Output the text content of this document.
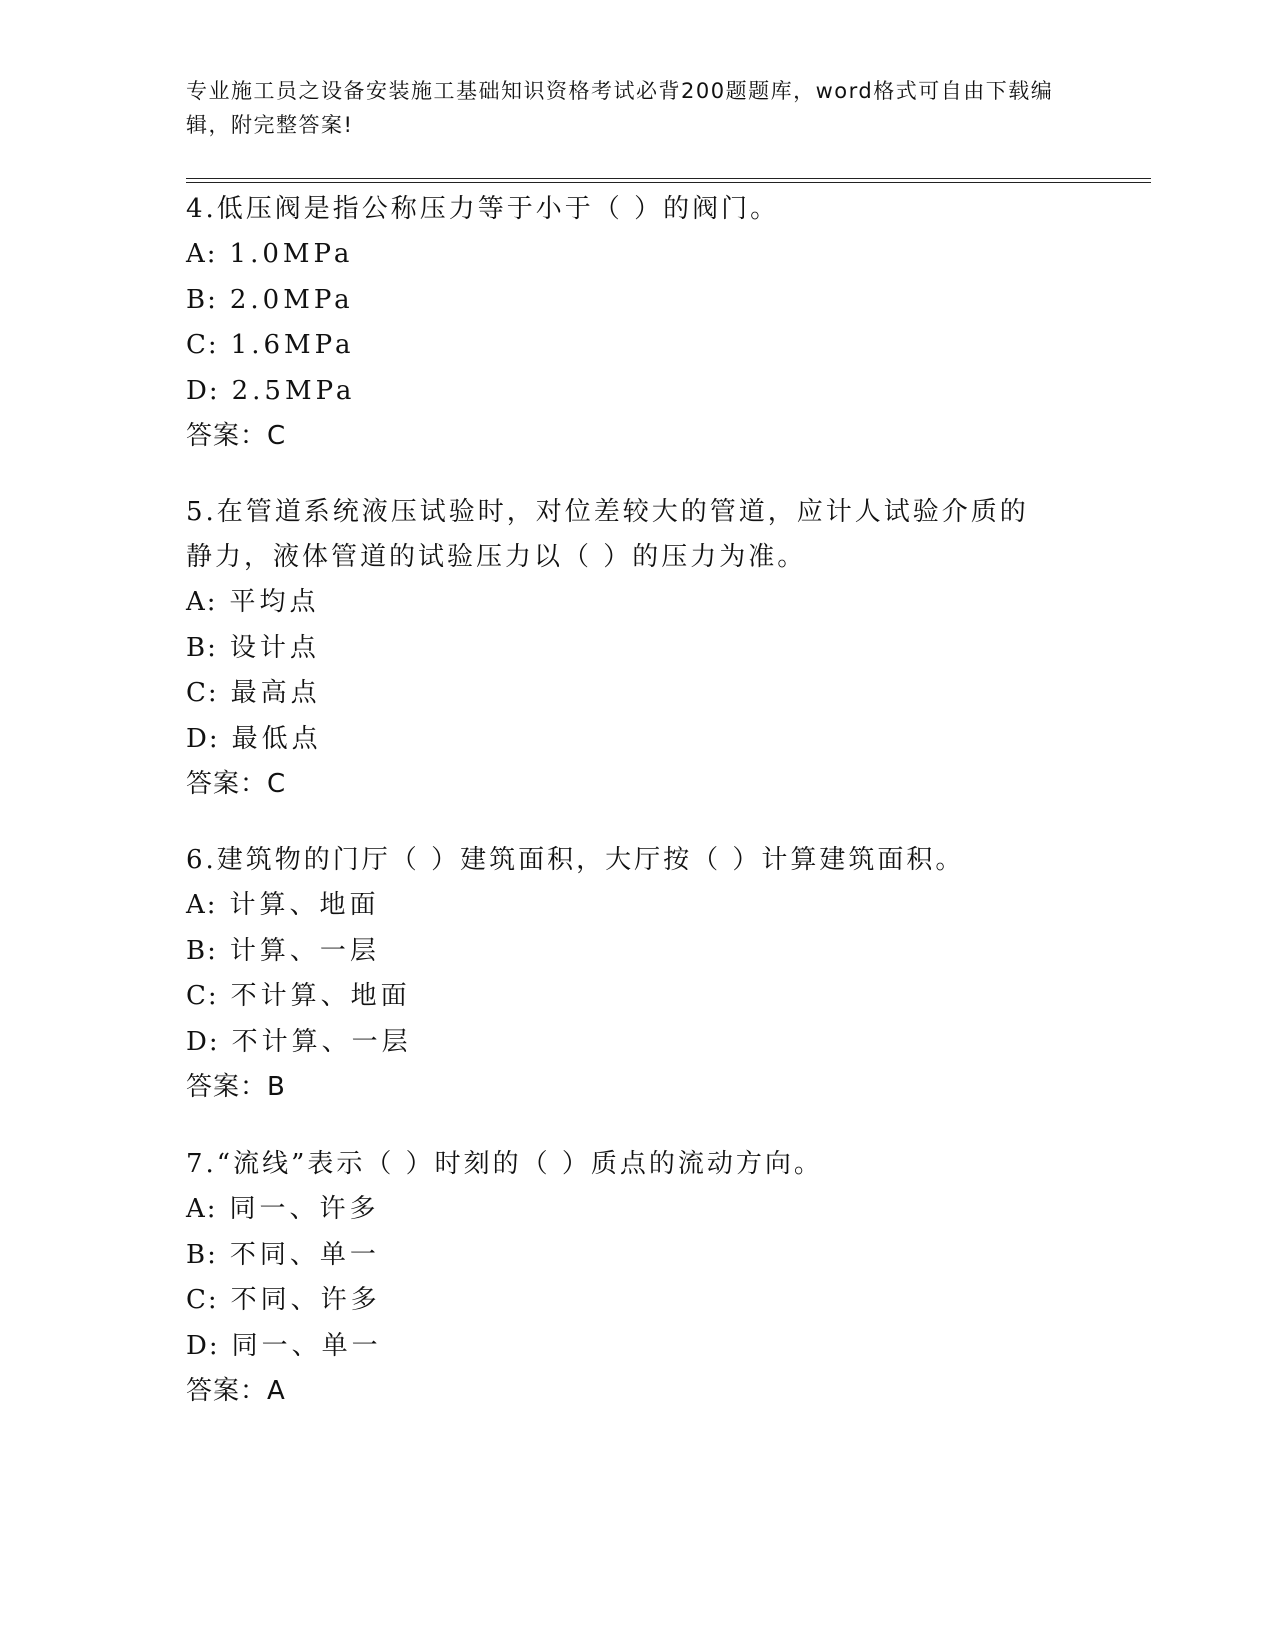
专业施工员之设备安装施工基础知识资格考试必背200题题库，word格式可自由下载编辑，附完整答案!

4.低压阀是指公称压力等于小于（ ）的阀门。

A: 1.0MPa

B: 2.0MPa

C: 1.6MPa

D: 2.5MPa

答案：C

5.在管道系统液压试验时，对位差较大的管道，应计人试验介质的静力，液体管道的试验压力以（ ）的压力为准。

A: 平均点

B: 设计点

C: 最高点

D: 最低点

答案：C

6.建筑物的门厅（ ）建筑面积，大厅按（ ）计算建筑面积。

A: 计算、地面

B: 计算、一层

C: 不计算、地面

D: 不计算、一层

答案：B

7.“流线”表示（ ）时刻的（ ）质点的流动方向。

A: 同一、许多

B: 不同、单一

C: 不同、许多

D: 同一、单一

答案：A
